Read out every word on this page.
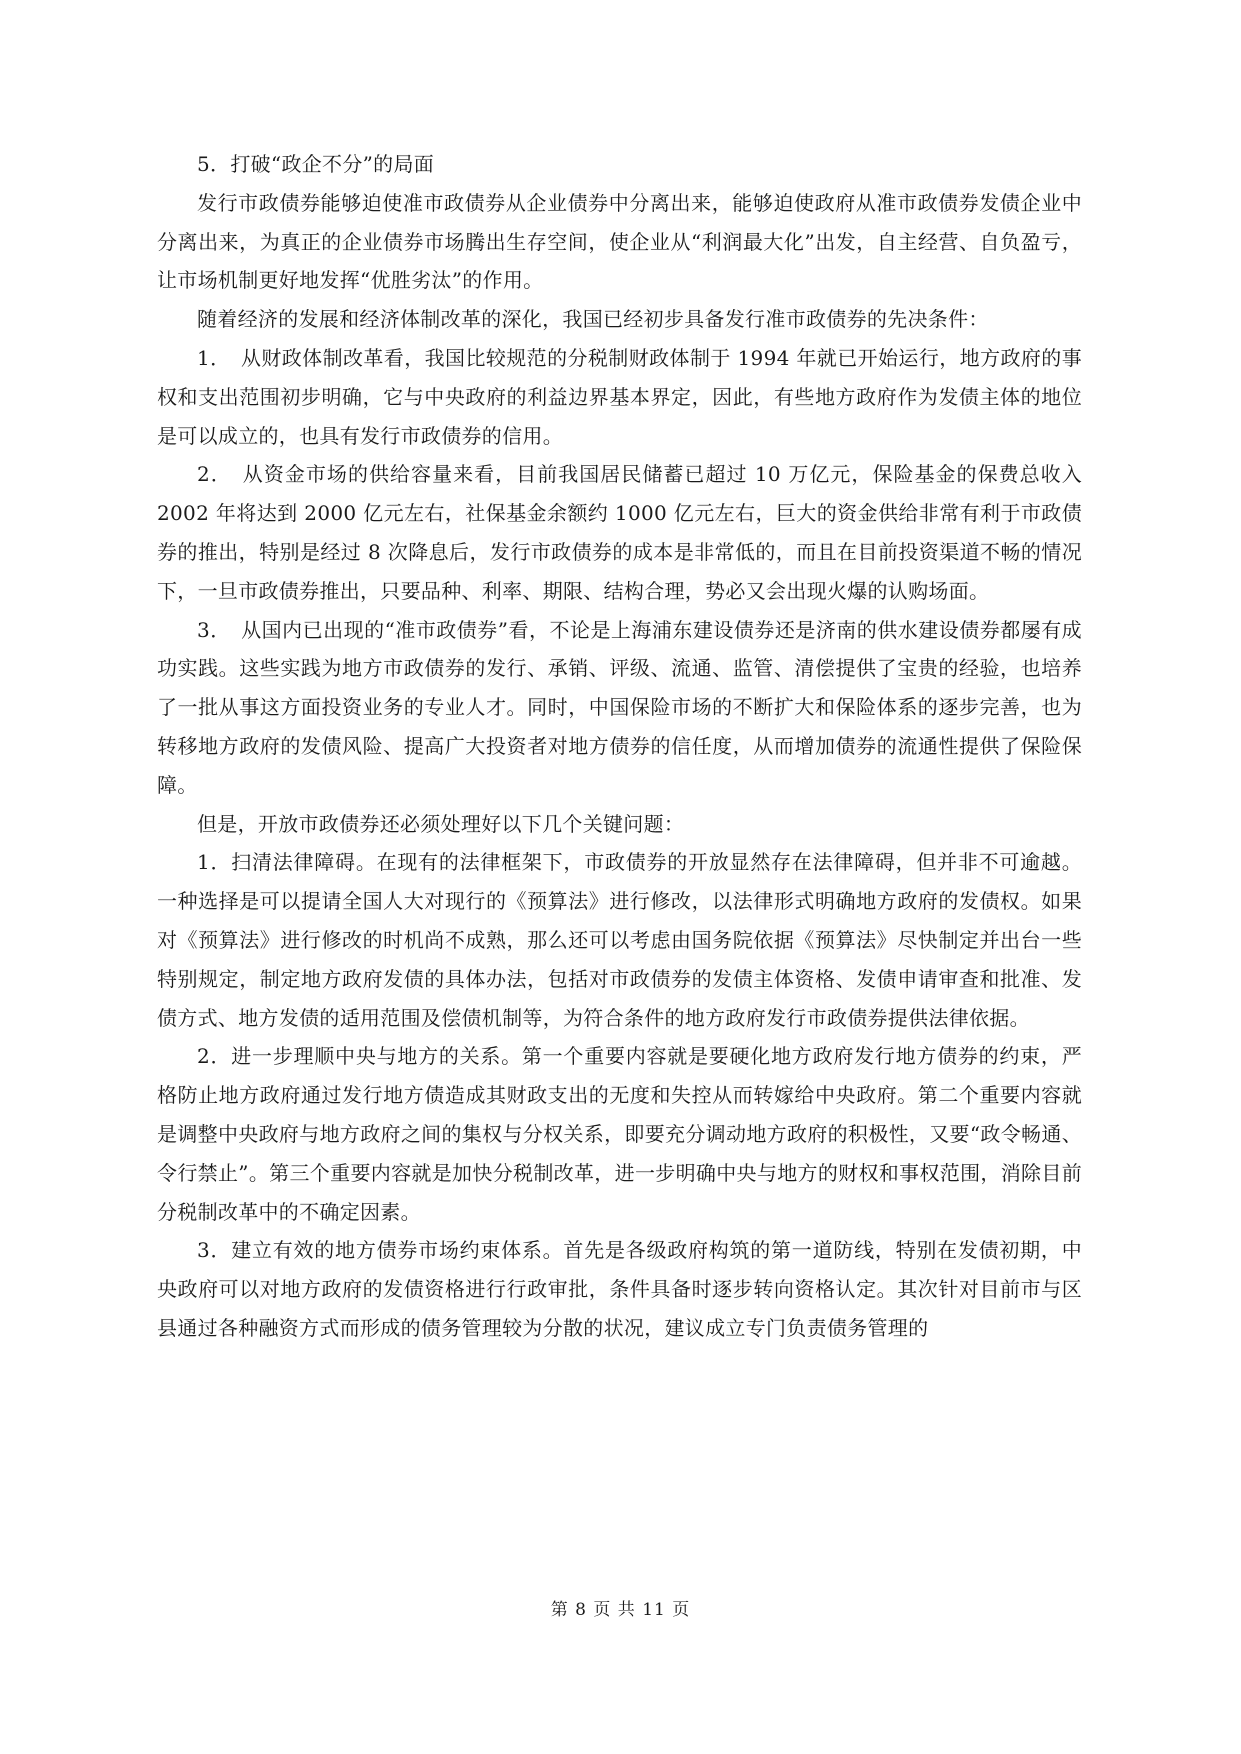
5．打破“政企不分”的局面

发行市政债券能够迫使准市政债券从企业债券中分离出来，能够迫使政府从准市政债券发债企业中分离出来，为真正的企业债券市场腾出生存空间，使企业从“利润最大化”出发，自主经营、自负盈亏，让市场机制更好地发挥“优胜劣汰”的作用。

随着经济的发展和经济体制改革的深化，我国已经初步具备发行准市政债券的先决条件：

1．　从财政体制改革看，我国比较规范的分税制财政体制于 1994 年就已开始运行，地方政府的事权和支出范围初步明确，它与中央政府的利益边界基本界定，因此，有些地方政府作为发债主体的地位是可以成立的，也具有发行市政债券的信用。

2．　从资金市场的供给容量来看，目前我国居民储蓄已超过 10 万亿元，保险基金的保费总收入 2002 年将达到 2000 亿元左右，社保基金余额约 1000 亿元左右，巨大的资金供给非常有利于市政债券的推出，特别是经过 8 次降息后，发行市政债券的成本是非常低的，而且在目前投资渠道不畅的情况下，一旦市政债券推出，只要品种、利率、期限、结构合理，势必又会出现火爆的认购场面。

3．　从国内已出现的“准市政债券”看，不论是上海浦东建设债券还是济南的供水建设债券都屡有成功实践。这些实践为地方市政债券的发行、承销、评级、流通、监管、清偿提供了宝贵的经验，也培养了一批从事这方面投资业务的专业人才。同时，中国保险市场的不断扩大和保险体系的逐步完善，也为转移地方政府的发债风险、提高广大投资者对地方债券的信任度，从而增加债券的流通性提供了保险保障。

但是，开放市政债券还必须处理好以下几个关键问题：

1．扫清法律障碍。在现有的法律框架下，市政债券的开放显然存在法律障碍，但并非不可逾越。一种选择是可以提请全国人大对现行的《预算法》进行修改，以法律形式明确地方政府的发债权。如果对《预算法》进行修改的时机尚不成熟，那么还可以考虑由国务院依据《预算法》尽快制定并出台一些特别规定，制定地方政府发债的具体办法，包括对市政债券的发债主体资格、发债申请审查和批准、发债方式、地方发债的适用范围及偿债机制等，为符合条件的地方政府发行市政债券提供法律依据。

2．进一步理顺中央与地方的关系。第一个重要内容就是要硬化地方政府发行地方债券的约束，严格防止地方政府通过发行地方债造成其财政支出的无度和失控从而转嫁给中央政府。第二个重要内容就是调整中央政府与地方政府之间的集权与分权关系，即要充分调动地方政府的积极性，又要“政令畅通、令行禁止”。第三个重要内容就是加快分税制改革，进一步明确中央与地方的财权和事权范围，消除目前分税制改革中的不确定因素。

3．建立有效的地方债券市场约束体系。首先是各级政府构筑的第一道防线，特别在发债初期，中央政府可以对地方政府的发债资格进行行政审批，条件具备时逐步转向资格认定。其次针对目前市与区县通过各种融资方式而形成的债务管理较为分散的状况，建议成立专门负责债务管理的

第 8 页 共 11 页
